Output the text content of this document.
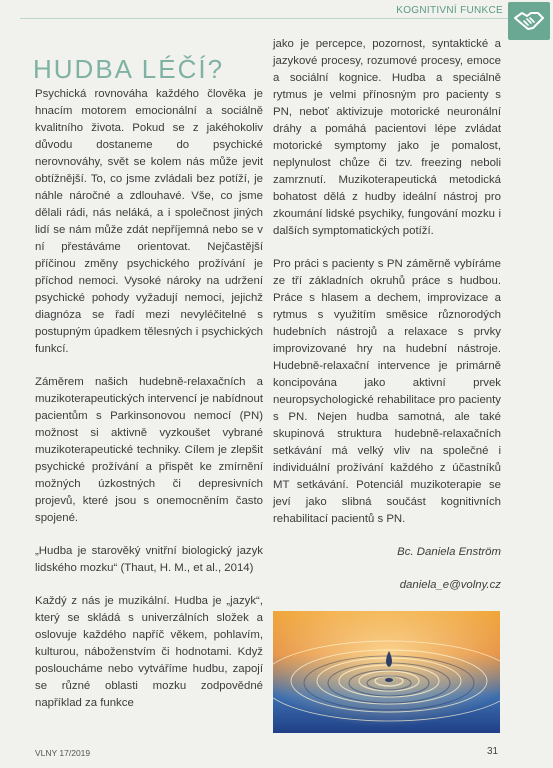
KOGNITIVNÍ FUNKCE
HUDBA LÉČÍ?

Psychická rovnováha každého člověka je hnacím motorem emocionální a sociálně kvalitního života. Pokud se z jakéhokoliv důvodu dostaneme do psychické nerovnováhy, svět se kolem nás může jevit obtížnější. To, co jsme zvládali bez potíží, je náhle náročné a zdlouhavé. Vše, co jsme dělali rádi, nás neláká, a i společnost jiných lidí se nám může zdát nepříjemná nebo se v ní přestáváme orientovat. Nejčastější příčinou změny psychického prožívání je příchod nemoci. Vysoké nároky na udržení psychické pohody vyžadují nemoci, jejichž diagnóza se řadí mezi nevyléčitelné s postupným úpadkem tělesných i psychických funkcí.

Záměrem našich hudebně-relaxačních a muzikoterapeutických intervencí je nabídnout pacientům s Parkinsonovou nemocí (PN) možnost si aktivně vyzkoušet vybrané muzikoterapeutické techniky. Cílem je zlepšit psychické prožívání a přispět ke zmírnění možných úzkostných či depresivních projevů, které jsou s onemocněním často spojené.

„Hudba je starověký vnitřní biologický jazyk lidského mozku“ (Thaut, H. M., et al., 2014)

Každý z nás je muzikální. Hudba je „jazyk“, který se skládá s univerzálních složek a oslovuje každého napříč věkem, pohlavím, kulturou, náboženstvím či hodnotami. Když posloucháme nebo vytváříme hudbu, zapojí se různé oblasti mozku zodpovědné například za funkce

jako je percepce, pozornost, syntaktické a jazykové procesy, rozumové procesy, emoce a sociální kognice. Hudba a speciálně rytmus je velmi přínosným pro pacienty s PN, neboť aktivizuje motorické neuronální dráhy a pomáhá pacientovi lépe zvládat motorické symptomy jako je pomalost, neplynulost chůze či tzv. freezing neboli zamrznutí. Muzikoterapeutická metodická bohatost dělá z hudby ideální nástroj pro zkoumání lidské psychiky, fungování mozku i dalších symptomatických potíží.

Pro práci s pacienty s PN záměrně vybíráme ze tří základních okruhů práce s hudbou. Práce s hlasem a dechem, improvizace a rytmus s využitím směsice různorodých hudebních nástrojů a relaxace s prvky improvizované hry na hudební nástroje. Hudebně-relaxační intervence je primárně koncipována jako aktivní prvek neuropsychologické rehabilitace pro pacienty s PN. Nejen hudba samotná, ale také skupinová struktura hudebně-relaxačních setkávání má velký vliv na společné i individuální prožívání každého z účastníků MT setkávání. Potenciál muzikoterapie se jeví jako slibná součást kognitivních rehabilitací pacientů s PN.

Bc. Daniela Enström

daniela_e@volny.cz

VLNY 17/2019	31
